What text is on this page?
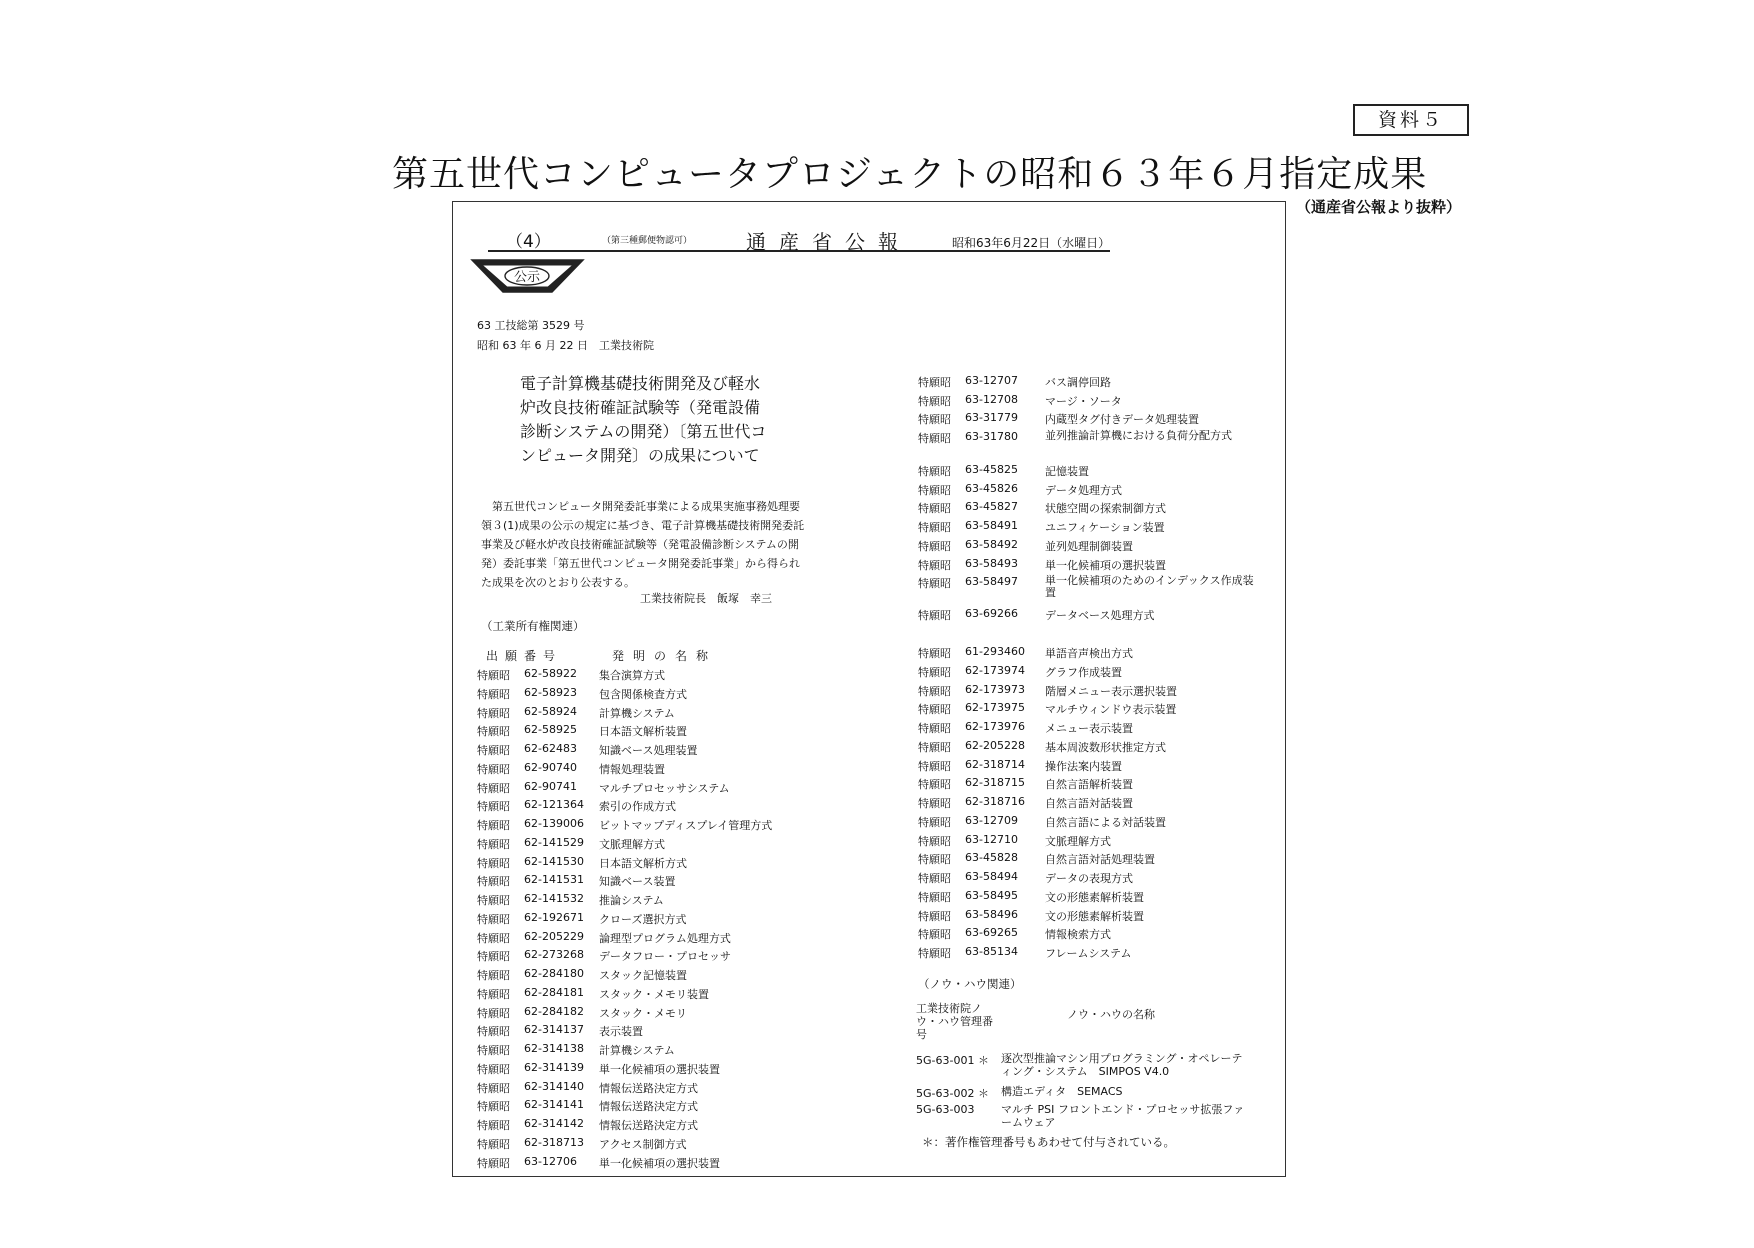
資料５
第五世代コンピュータプロジェクトの昭和６３年６月指定成果
（通産省公報より抜粋）
（4）	（第三種郵便物認可）	通産省公報	昭和63年6月22日（水曜日）
公示
63 工技総第 3529 号
昭和 63 年 6 月 22 日　工業技術院
電子計算機基礎技術開発及び軽水炉改良技術確証試験等（発電設備診断システムの開発）〔第五世代コンピュータ開発〕の成果について
第五世代コンピュータ開発委託事業による成果実施事務処理要領３(1)成果の公示の規定に基づき、電子計算機基礎技術開発委託事業及び軽水炉改良技術確証試験等（発電設備診断システムの開発）委託事業「第五世代コンピュータ開発委託事業」から得られた成果を次のとおり公表する。
工業技術院長　飯塚　幸三
（工業所有権関連）
出願番号	発明の名称
特願昭 62-58922 集合演算方式
特願昭 62-58923 包含関係検査方式
特願昭 62-58924 計算機システム
特願昭 62-58925 日本語文解析装置
特願昭 62-62483 知識ベース処理装置
特願昭 62-90740 情報処理装置
特願昭 62-90741 マルチプロセッサシステム
特願昭 62-121364 索引の作成方式
特願昭 62-139006 ビットマップディスプレイ管理方式
特願昭 62-141529 文脈理解方式
特願昭 62-141530 日本語文解析方式
特願昭 62-141531 知識ベース装置
特願昭 62-141532 推論システム
特願昭 62-192671 クローズ選択方式
特願昭 62-205229 論理型プログラム処理方式
特願昭 62-273268 データフロー・プロセッサ
特願昭 62-284180 スタック記憶装置
特願昭 62-284181 スタック・メモリ装置
特願昭 62-284182 スタック・メモリ
特願昭 62-314137 表示装置
特願昭 62-314138 計算機システム
特願昭 62-314139 単一化候補項の選択装置
特願昭 62-314140 情報伝送路決定方式
特願昭 62-314141 情報伝送路決定方式
特願昭 62-314142 情報伝送路決定方式
特願昭 62-318713 アクセス制御方式
特願昭 63-12706 単一化候補項の選択装置
特願昭 63-12707 バス調停回路
特願昭 63-12708 マージ・ソータ
特願昭 63-31779 内蔵型タグ付きデータ処理装置
特願昭 63-31780 並列推論計算機における負荷分配方式
特願昭 63-45825 記憶装置
特願昭 63-45826 データ処理方式
特願昭 63-45827 状態空間の探索制御方式
特願昭 63-58491 ユニフィケーション装置
特願昭 63-58492 並列処理制御装置
特願昭 63-58493 単一化候補項の選択装置
特願昭 63-58497 単一化候補項のためのインデックス作成装置
特願昭 63-69266 データベース処理方式
特願昭 61-293460 単語音声検出方式
特願昭 62-173974 グラフ作成装置
特願昭 62-173973 階層メニュー表示選択装置
特願昭 62-173975 マルチウィンドウ表示装置
特願昭 62-173976 メニュー表示装置
特願昭 62-205228 基本周波数形状推定方式
特願昭 62-318714 操作法案内装置
特願昭 62-318715 自然言語解析装置
特願昭 62-318716 自然言語対話装置
特願昭 63-12709 自然言語による対話装置
特願昭 63-12710 文脈理解方式
特願昭 63-45828 自然言語対話処理装置
特願昭 63-58494 データの表現方式
特願昭 63-58495 文の形態素解析装置
特願昭 63-58496 文の形態素解析装置
特願昭 63-69265 情報検索方式
特願昭 63-85134 フレームシステム
（ノウ・ハウ関連）
工業技術院ノウ・ハウ管理番号
ノウ・ハウの名称
5G-63-001 ＊ 逐次型推論マシン用プログラミング・オペレーティング・システム　SIMPOS V4.0
5G-63-002 ＊ 構造エディタ　SEMACS
5G-63-003 マルチ PSI フロントエンド・プロセッサ拡張ファームウェア
＊：著作権管理番号もあわせて付与されている。
